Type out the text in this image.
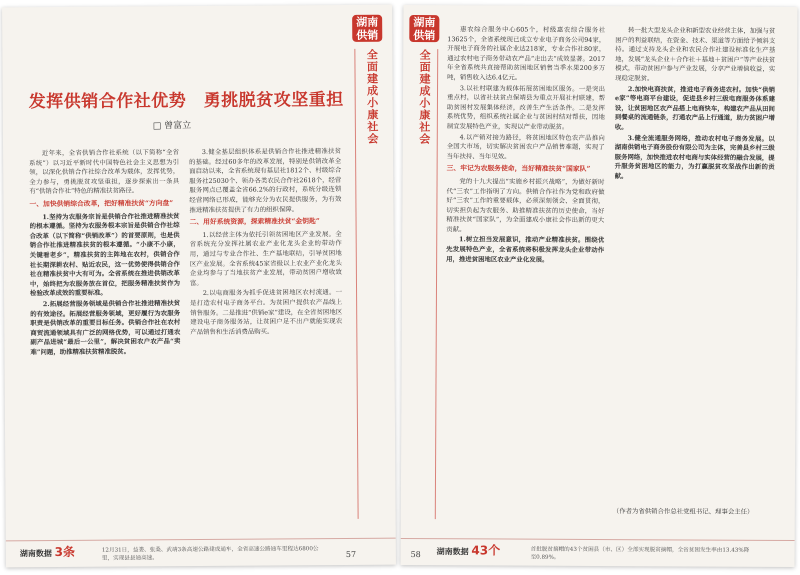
湖南供销
全面建成小康社会
发挥供销合作社优势　勇挑脱贫攻坚重担
□ 曾富立

近年来，全省供销合作社系统（以下简称“全省系统”）以习近平新时代中国特色社会主义思想为引领，以深化供销合作社综合改革为载体，发挥优势，全力参与，勇挑脱贫攻坚重担，逐步探索出一条具有“供销合作社”特色的精准扶贫路径。

一、加快供销综合改革，把好精准扶贫“方向盘”

1.坚持为农服务宗旨是供销合作社推进精准扶贫的根本遵循。坚持为农服务根本宗旨是供销合作社综合改革（以下简称“供销改革”）的首要原则，也是供销合作社推进精准扶贫的根本遵循。“小康不小康，关键看老乡”，精准扶贫的主阵地在农村，供销合作社长期深耕农村、贴近农民，这一优势使得供销合作社在精准扶贫中大有可为。全省系统在推进供销改革中，始终把为农服务放在首位，把服务精准扶贫作为检验改革成效的重要标准。

2.拓展经营服务领域是供销合作社推进精准扶贫的有效途径。拓展经营服务领域，更好履行为农服务职责是供销改革的重要目标任务。供销合作社在农村商贸流通领域具有广泛的网络优势，可以通过打通农副产品进城“最后一公里”，解决贫困农户农产品“卖难”问题，助推精准扶贫精准脱贫。

3.健全基层组织体系是供销合作社推进精准扶贫的基础。经过60多年的改革发展，特别是供销改革全面启动以来，全省系统现有基层社1812个、村级综合服务社25030个、领办各类农民合作社2618个，经营服务网点已覆盖全省66.2%的行政村，系统分级连锁经营网络已形成，能够充分为农民提供服务，为有效推进精准扶贫提供了有力的组织保障。

二、用好系统资源，探索精准扶贫“金钥匙”

1.以经营主体为依托引领贫困地区产业发展。全省系统充分发挥社属农业产业化龙头企业的带动作用，通过与专业合作社、生产基地联结，引导贫困地区产业发展。全省系统45家省级以上农业产业化龙头企业均参与了当地扶贫产业发展，带动贫困户增收致富。

2.以电商服务为抓手促进贫困地区农村流通。一是打造农村电子商务平台。为贫困户提供农产品线上销售服务。二是推进“供销e家”建设，在全省贫困地区建设电子商务服务站，让贫困户足不出户就能实现农产品销售和生活消费品购买。

湖南数据 3条	12月31日，益娄、张桑、武靖3条高速公路建成通车，全省高速公路通车里程达6800公里，实现县县通高速。	57
湖南供销
全面建成小康社会

惠农综合服务中心605个，村级惠农综合服务社13625个，全省系统现已成立专业电子商务公司94家，开展电子商务的社属企业达218家，专业合作社80家，通过农村电子商务带动农产品“走出去”成效显著。2017年全省系统共直接帮助贫困地区销售当季水果200多万吨，销售收入达6.4亿元。

3.以社村联建为载体拓展贫困地区服务。一是突出重点村，以省社扶贫点保靖县为重点开展社村联建，帮助贫困村发展集体经济，改善生产生活条件。二是发挥系统优势，组织系统社属企业与贫困村结对帮扶，因地制宜发展特色产业，实现以产业带动脱贫。

4.以产销对接为路径，将贫困地区特色农产品推向全国大市场，切实解决贫困农户产品销售难题，实现了当年扶持、当年见效。

三、牢记为农服务使命，当好精准扶贫“国家队”

党的十九大提出“实施乡村振兴战略”，为做好新时代“三农”工作指明了方向。供销合作社作为党和政府做好“三农”工作的重要载体，必须深刻领会、全面贯彻，切实担负起为农服务、助推精准扶贫的历史使命，当好精准扶贫“国家队”，为全面建成小康社会作出新的更大贡献。

1.树立担当发展意识，推动产业精准扶贫。围绕优先发展特色产业，全省系统将积极发挥龙头企业带动作用，推进贫困地区农业产业化发展。

转一批大型龙头企业和新型农业经营主体，加强与贫困户的利益联结，在资金、技术、渠道等方面给予倾斜支持。通过支持龙头企业和农民合作社建设标准化生产基地，发展“龙头企业＋合作社＋基地＋贫困户”等产业扶贫模式，带动贫困户参与产业发展，分享产业增值收益，实现稳定脱贫。

2.加快电商扶贫，推进电子商务进农村。加快“供销e家”等电商平台建设，促进县乡村三级电商服务体系建设，让贫困地区农产品搭上电商快车，构建农产品从田间到餐桌的流通链条，打通农产品上行通道，助力贫困户增收。

3.健全流通服务网络，推动农村电子商务发展。以湖南供销电子商务股份有限公司为主体，完善县乡村三级服务网络，加快推进农村电商与实体经营的融合发展，提升服务贫困地区的能力，为打赢脱贫攻坚战作出新的贡献。

（作者为省供销合作总社党组书记、理事会主任）
58 湖南数据 43个	首批脱贫摘帽的43个贫困县（市、区）全部实现脱贫摘帽，全省贫困发生率由13.43%降至0.89%。
